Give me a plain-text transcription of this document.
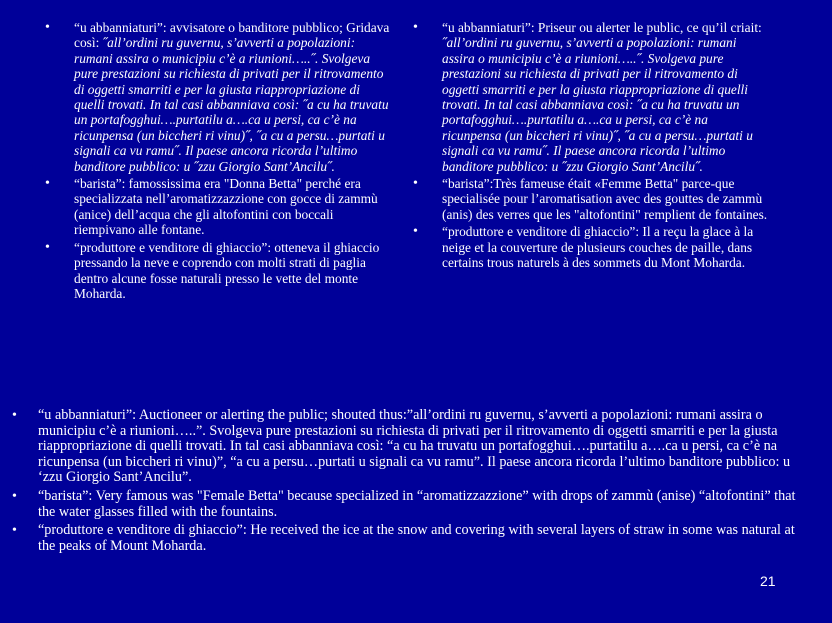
• “u abbanniaturi”: avvisatore o banditore pubblico; Gridava così: ˝all’ordini ru guvernu, s’avverti a popolazioni: rumani assira o municipiu c’è a riunioni…..˝. Svolgeva pure prestazioni su richiesta di privati per il ritrovamento di oggetti smarriti e per la giusta riappropriazione di quelli trovati. In tal casi abbanniava così: ˝a cu ha truvatu un portafogghui….purtatilu a….ca u persi, ca c’è na ricunpensa (un biccheri ri vinu)˝, ˝a cu a persu…purtati u signali ca vu ramu˝. Il paese ancora ricorda l’ultimo banditore pubblico: u ˝zzu Giorgio Sant’Ancilu˝.
• “barista”: famossissima era "Donna Betta" perché era specializzata nell’aromatizzazzione con gocce di zammù (anice) dell’acqua che gli altofontini con boccali riempivano alle fontane.
• “produttore e venditore di ghiaccio”: otteneva il ghiaccio pressando la neve e coprendo con molti strati di paglia dentro alcune fosse naturali presso le vette del monte Moharda.
• “u abbanniaturi”: Priseur ou alerter le public, ce qu’il criait: ˝all’ordini ru guvernu, s’avverti a popolazioni: rumani assira o municipiu c’è a riunioni…..˝. Svolgeva pure prestazioni su richiesta di privati per il ritrovamento di oggetti smarriti e per la giusta riappropriazione di quelli trovati. In tal casi abbanniava così: ˝a cu ha truvatu un portafogghui….purtatilu a….ca u persi, ca c’è na ricunpensa (un biccheri ri vinu)˝, ˝a cu a persu…purtati u signali ca vu ramu˝. Il paese ancora ricorda l’ultimo banditore pubblico: u ˝zzu Giorgio Sant’Ancilu˝.
• “barista”:Très fameuse était «Femme Betta" parce-que specialisée pour l’aromatisation avec des gouttes de zammù (anis) des verres que les "altofontini" remplient de fontaines.
• “produttore e venditore di ghiaccio”: Il a reçu la glace à la neige et la couverture de plusieurs couches de paille, dans certains trous naturels à des sommets du Mont Moharda.
• “u abbanniaturi”: Auctioneer or alerting the public; shouted thus:”all’ordini ru guvernu, s’avverti a popolazioni: rumani assira o municipiu c’è a riunioni…..”. Svolgeva pure prestazioni su richiesta di privati per il ritrovamento di oggetti smarriti e per la giusta riappropriazione di quelli trovati. In tal casi abbanniava così: “a cu ha truvatu un portafogghui….purtatilu a….ca u persi, ca c’è na ricunpensa (un biccheri ri vinu)”, “a cu a persu…purtati u signali ca vu ramu”. Il paese ancora ricorda l’ultimo banditore pubblico: u ‘zzu Giorgio Sant’Ancilu”.
• “barista”: Very famous was "Female Betta" because specialized in “aromatizzazzione” with drops of zammù (anise) “altofontini” that the water glasses filled with the fountains.
• “produttore e venditore di ghiaccio”: He received the ice at the snow and covering with several layers of straw in some was natural at the peaks of Mount Moharda.
21
